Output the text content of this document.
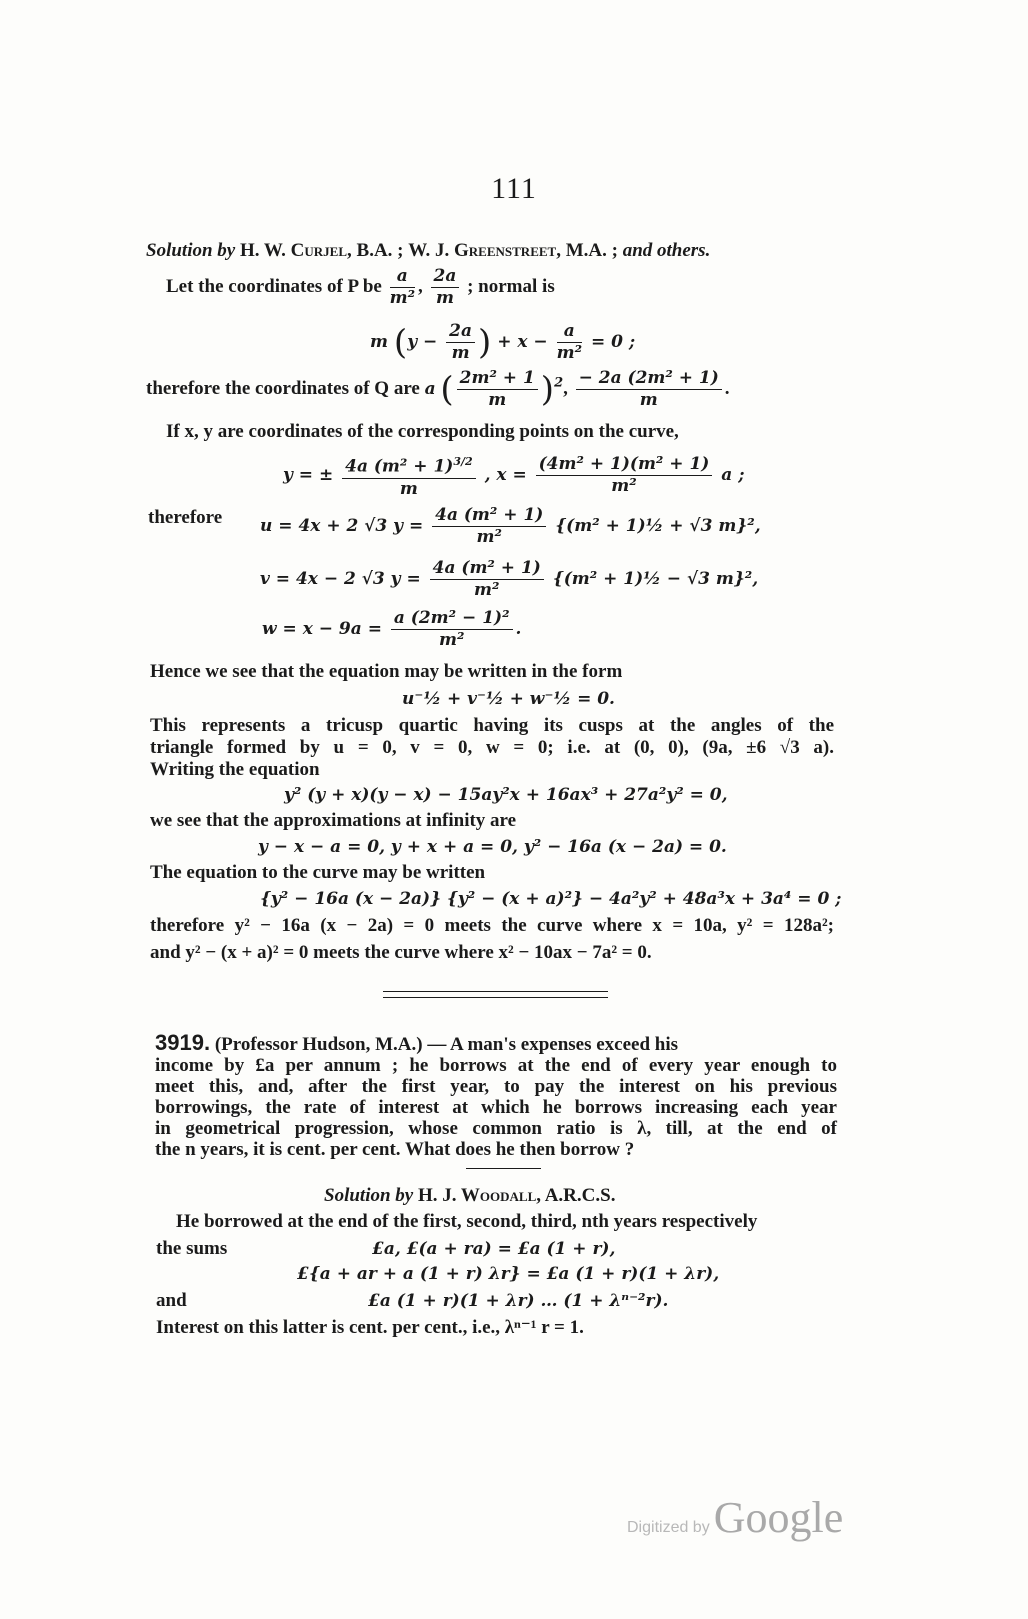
111
Solution by H. W. Curjel, B.A. ; W. J. Greenstreet, M.A. ; and others.
Let the coordinates of P be $\frac{a}{\text{m²}}$ , $\frac{2a}{m}$ ; normal is
m ($y - \frac{2a}{m}$ ) + $x - \frac{a}{\text{m²}} = 0$ ;
therefore the coordinates of Q are a ( $\frac{\text{2m² + 1}}{m} )^2$, $\frac{\text{− 2a (2m² + 1)}}{m}$ .
If x, y are coordinates of the corresponding points on the curve,
y = ± $\frac{4a (m^2 + 1)^{3/2}}{m}$ , $x = \frac{\text{(4m² + 1)(m² + 1)}}{\text{m²}}$ a ;
therefore u = 4x + 2 √3 $y = \frac{\text{4a (m² + 1)}}{\text{m²}} \{(m^2$ + 1)½ + √3 m}²,
v = 4x − 2 √3 $y = \frac{\text{4a (m² + 1)}}{\text{m²}} \{(m^2$ + 1)½ − √3 m}²,
$w = x - 9a = \frac{\text{a (2m² − 1)²}}{\text{m²}}$ .
Hence we see that the equation may be written in the form
u⁻½ + v⁻½ + w⁻½ = 0.
This represents a tricusp quartic having its cusps at the angles of the
triangle formed by u = 0, v = 0, w = 0; i.e. at (0, 0), (9a, ±6 √3 a).
Writing the equation
y² (y + x)(y − x) − 15ay²x + 16ax³ + 27a²y² = 0,
we see that the approximations at infinity are
y − x − a = 0, y + x + a = 0, y² − 16a (x − 2a) = 0.
The equation to the curve may be written
{y² − 16a (x − 2a)} {y² − (x + a)²} − 4a²y² + 48a³x + 3a⁴ = 0 ;
therefore y² − 16a (x − 2a) = 0 meets the curve where x = 10a, y² = 128a²;
and y² − (x + a)² = 0 meets the curve where x² − 10ax − 7a² = 0.
3919. (Professor Hudson, M.A.) — A man's expenses exceed his
income by £a per annum ; he borrows at the end of every year enough to
meet this, and, after the first year, to pay the interest on his previous
borrowings, the rate of interest at which he borrows increasing each year
in geometrical progression, whose common ratio is λ, till, at the end of
the n years, it is cent. per cent. What does he then borrow ?
Solution by H. J. Woodall, A.R.C.S.
He borrowed at the end of the first, second, third, nth years respectively
the sums	£a, £(a + ra) = £a (1 + r),
£{a + ar + a (1 + r) λr} = £a (1 + r)(1 + λr),
and	£a (1 + r)(1 + λr) … (1 + λⁿ⁻²r).
Interest on this latter is cent. per cent., i.e., λⁿ⁻¹ r = 1.
Digitized by Google
